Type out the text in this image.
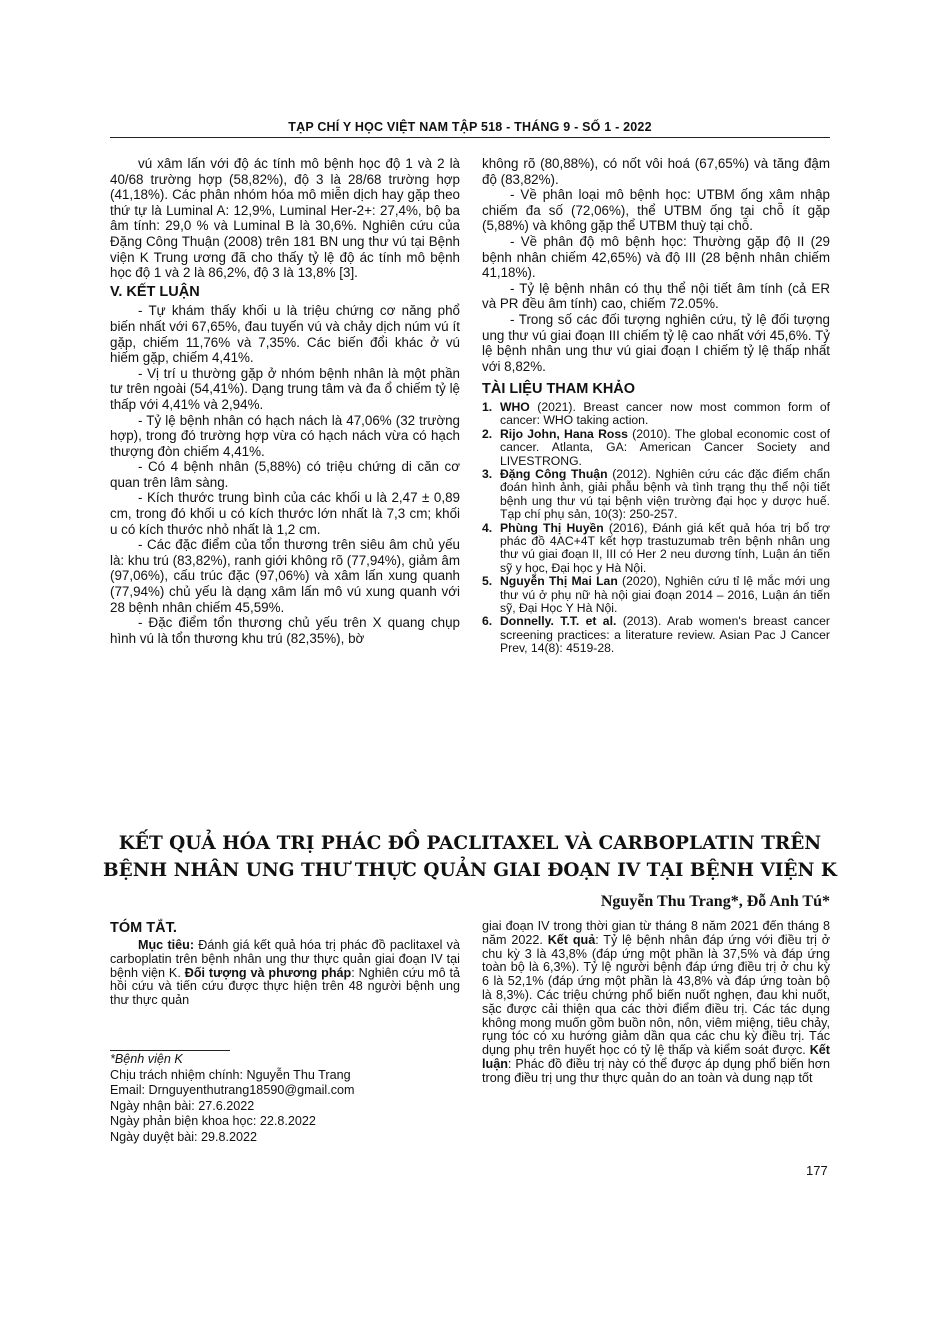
TẠP CHÍ Y HỌC VIỆT NAM TẬP 518 - THÁNG 9 - SỐ 1 - 2022

vú xâm lấn với độ ác tính mô bệnh học độ 1 và 2 là 40/68 trường hợp (58,82%), độ 3 là 28/68 trường hợp (41,18%). Các phân nhóm hóa mô miễn dịch hay gặp theo thứ tự là Luminal A: 12,9%, Luminal Her-2+: 27,4%, bộ ba âm tính: 29,0 % và Luminal B là 30,6%. Nghiên cứu của Đặng Công Thuận (2008) trên 181 BN ung thư vú tại Bệnh viện K Trung ương đã cho thấy tỷ lệ độ ác tính mô bệnh học độ 1 và 2 là 86,2%, độ 3 là 13,8% [3].

V. KẾT LUẬN

- Tự khám thấy khối u là triệu chứng cơ năng phổ biến nhất với 67,65%, đau tuyến vú và chảy dịch núm vú ít gặp, chiếm 11,76% và 7,35%. Các biến đổi khác ở vú hiếm gặp, chiếm 4,41%.

- Vị trí u thường gặp ở nhóm bệnh nhân là một phần tư trên ngoài (54,41%). Dạng trung tâm và đa ổ chiếm tỷ lệ thấp với 4,41% và 2,94%.

- Tỷ lệ bệnh nhân có hạch nách là 47,06% (32 trường hợp), trong đó trường hợp vừa có hạch nách vừa có hạch thượng đòn chiếm 4,41%.

- Có 4 bệnh nhân (5,88%) có triệu chứng di căn cơ quan trên lâm sàng.

- Kích thước trung bình của các khối u là 2,47 ± 0,89 cm, trong đó khối u có kích thước lớn nhất là 7,3 cm; khối u có kích thước nhỏ nhất là 1,2 cm.

- Các đặc điểm của tổn thương trên siêu âm chủ yếu là: khu trú (83,82%), ranh giới không rõ (77,94%), giảm âm (97,06%), cấu trúc đặc (97,06%) và xâm lấn xung quanh (77,94%) chủ yếu là dạng xâm lấn mô vú xung quanh với 28 bệnh nhân chiếm 45,59%.

- Đặc điểm tổn thương chủ yếu trên X quang chụp hình vú là tổn thương khu trú (82,35%), bờ

không rõ (80,88%), có nốt vôi hoá (67,65%) và tăng đậm độ (83,82%).

- Về phân loại mô bệnh học: UTBM ống xâm nhập chiếm đa số (72,06%), thể UTBM ống tại chỗ ít gặp (5,88%) và không gặp thể UTBM thuỳ tại chỗ.

- Về phân độ mô bệnh học: Thường gặp độ II (29 bệnh nhân chiếm 42,65%) và độ III (28 bệnh nhân chiếm 41,18%).

- Tỷ lệ bệnh nhân có thụ thể nội tiết âm tính (cả ER và PR đều âm tính) cao, chiếm 72.05%.

- Trong số các đối tượng nghiên cứu, tỷ lệ đối tượng ung thư vú giai đoạn III chiếm tỷ lệ cao nhất với 45,6%. Tỷ lệ bệnh nhân ung thư vú giai đoạn I chiếm tỷ lệ thấp nhất với 8,82%.

TÀI LIỆU THAM KHẢO

1. WHO (2021). Breast cancer now most common form of cancer: WHO taking action.
2. Rijo John, Hana Ross (2010). The global economic cost of cancer. Atlanta, GA: American Cancer Society and LIVESTRONG.
3. Đặng Công Thuận (2012). Nghiên cứu các đặc điểm chẩn đoán hình ảnh, giải phẫu bệnh và tình trạng thụ thể nội tiết bệnh ung thư vú tại bệnh viện trường đại học y dược huế. Tạp chí phụ sản, 10(3): 250-257.
4. Phùng Thị Huyền (2016), Đánh giá kết quả hóa trị bổ trợ phác đồ 4AC+4T kết hợp trastuzumab trên bệnh nhân ung thư vú giai đoạn II, III có Her 2 neu dương tính, Luận án tiến sỹ y học, Đại học y Hà Nội.
5. Nguyễn Thị Mai Lan (2020), Nghiên cứu tỉ lệ mắc mới ung thư vú ở phụ nữ hà nội giai đoạn 2014 – 2016, Luận án tiến sỹ, Đại Học Y Hà Nội.
6. Donnelly. T.T. et al. (2013). Arab women's breast cancer screening practices: a literature review. Asian Pac J Cancer Prev, 14(8): 4519-28.
KẾT QUẢ HÓA TRỊ PHÁC ĐỒ PACLITAXEL VÀ CARBOPLATIN TRÊN
BỆNH NHÂN UNG THƯ THỰC QUẢN GIAI ĐOẠN IV TẠI BỆNH VIỆN K
Nguyễn Thu Trang*, Đỗ Anh Tú*
TÓM TẮT.

Mục tiêu: Đánh giá kết quả hóa trị phác đồ paclitaxel và carboplatin trên bệnh nhân ung thư thực quản giai đoạn IV tại bệnh viện K. Đối tượng và phương pháp: Nghiên cứu mô tả hồi cứu và tiến cứu được thực hiện trên 48 người bệnh ung thư thực quản

giai đoạn IV trong thời gian từ tháng 8 năm 2021 đến tháng 8 năm 2022. Kết quả: Tỷ lệ bệnh nhân đáp ứng với điều trị ở chu kỳ 3 là 43,8% (đáp ứng một phần là 37,5% và đáp ứng toàn bộ là 6,3%). Tỷ lệ người bệnh đáp ứng điều trị ở chu kỳ 6 là 52,1% (đáp ứng một phần là 43,8% và đáp ứng toàn bộ là 8,3%). Các triệu chứng phổ biến nuốt nghẹn, đau khi nuốt, sặc được cải thiện qua các thời điểm điều trị. Các tác dụng không mong muốn gồm buồn nôn, nôn, viêm miệng, tiêu chảy, rụng tóc có xu hướng giảm dần qua các chu kỳ điều trị. Tác dụng phụ trên huyết học có tỷ lệ thấp và kiểm soát được. Kết luận: Phác đồ điều trị này có thể được áp dụng phổ biến hơn trong điều trị ung thư thực quản do an toàn và dung nạp tốt

*Bệnh viện K

Chịu trách nhiệm chính: Nguyễn Thu Trang

Email: Drnguyenthutrang18590@gmail.com

Ngày nhận bài: 27.6.2022

Ngày phản biện khoa học: 22.8.2022

Ngày duyệt bài: 29.8.2022

177
